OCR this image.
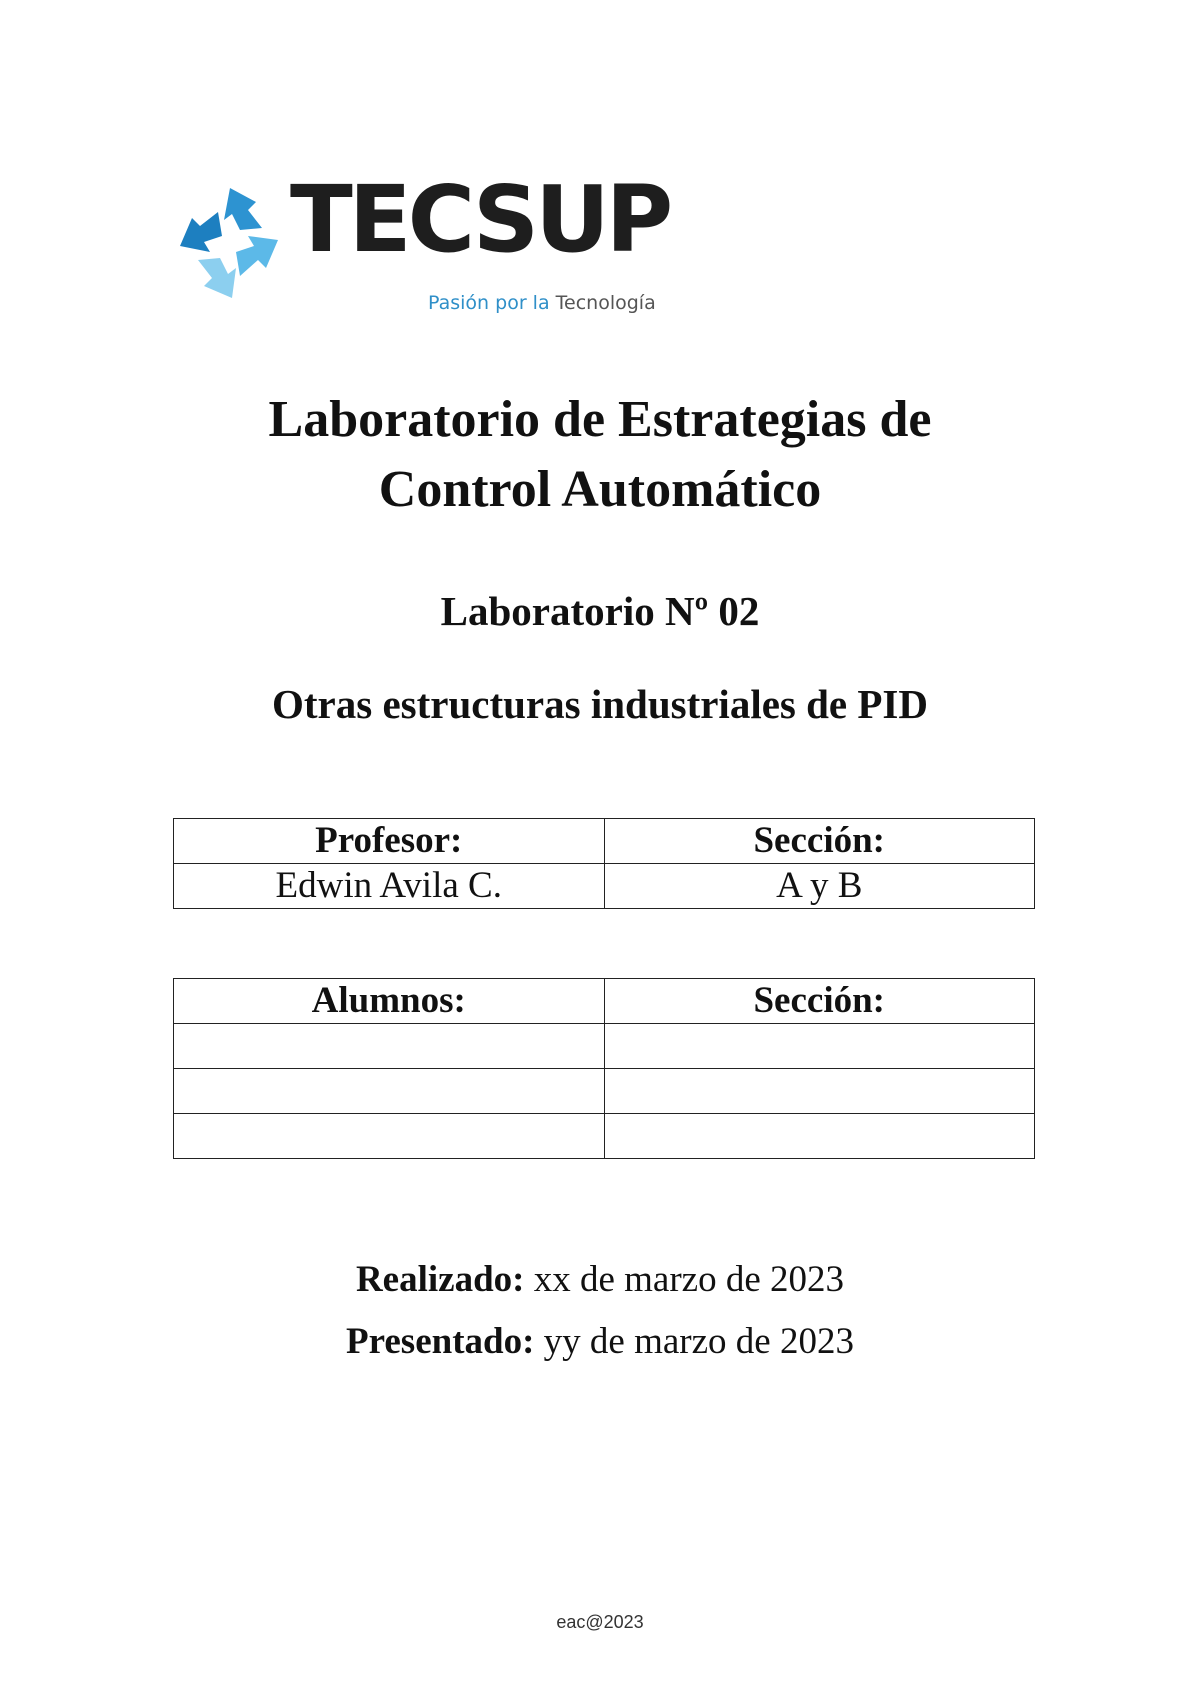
TECSUP
Pasión por la Tecnología
Laboratorio de Estrategias de
Control Automático
Laboratorio Nº 02
Otras estructuras industriales de PID
Profesor:	Sección:
Edwin Avila C.	A y B
Alumnos:	Sección:

Realizado: xx de marzo de 2023
Presentado: yy de marzo de 2023
eac@2023
